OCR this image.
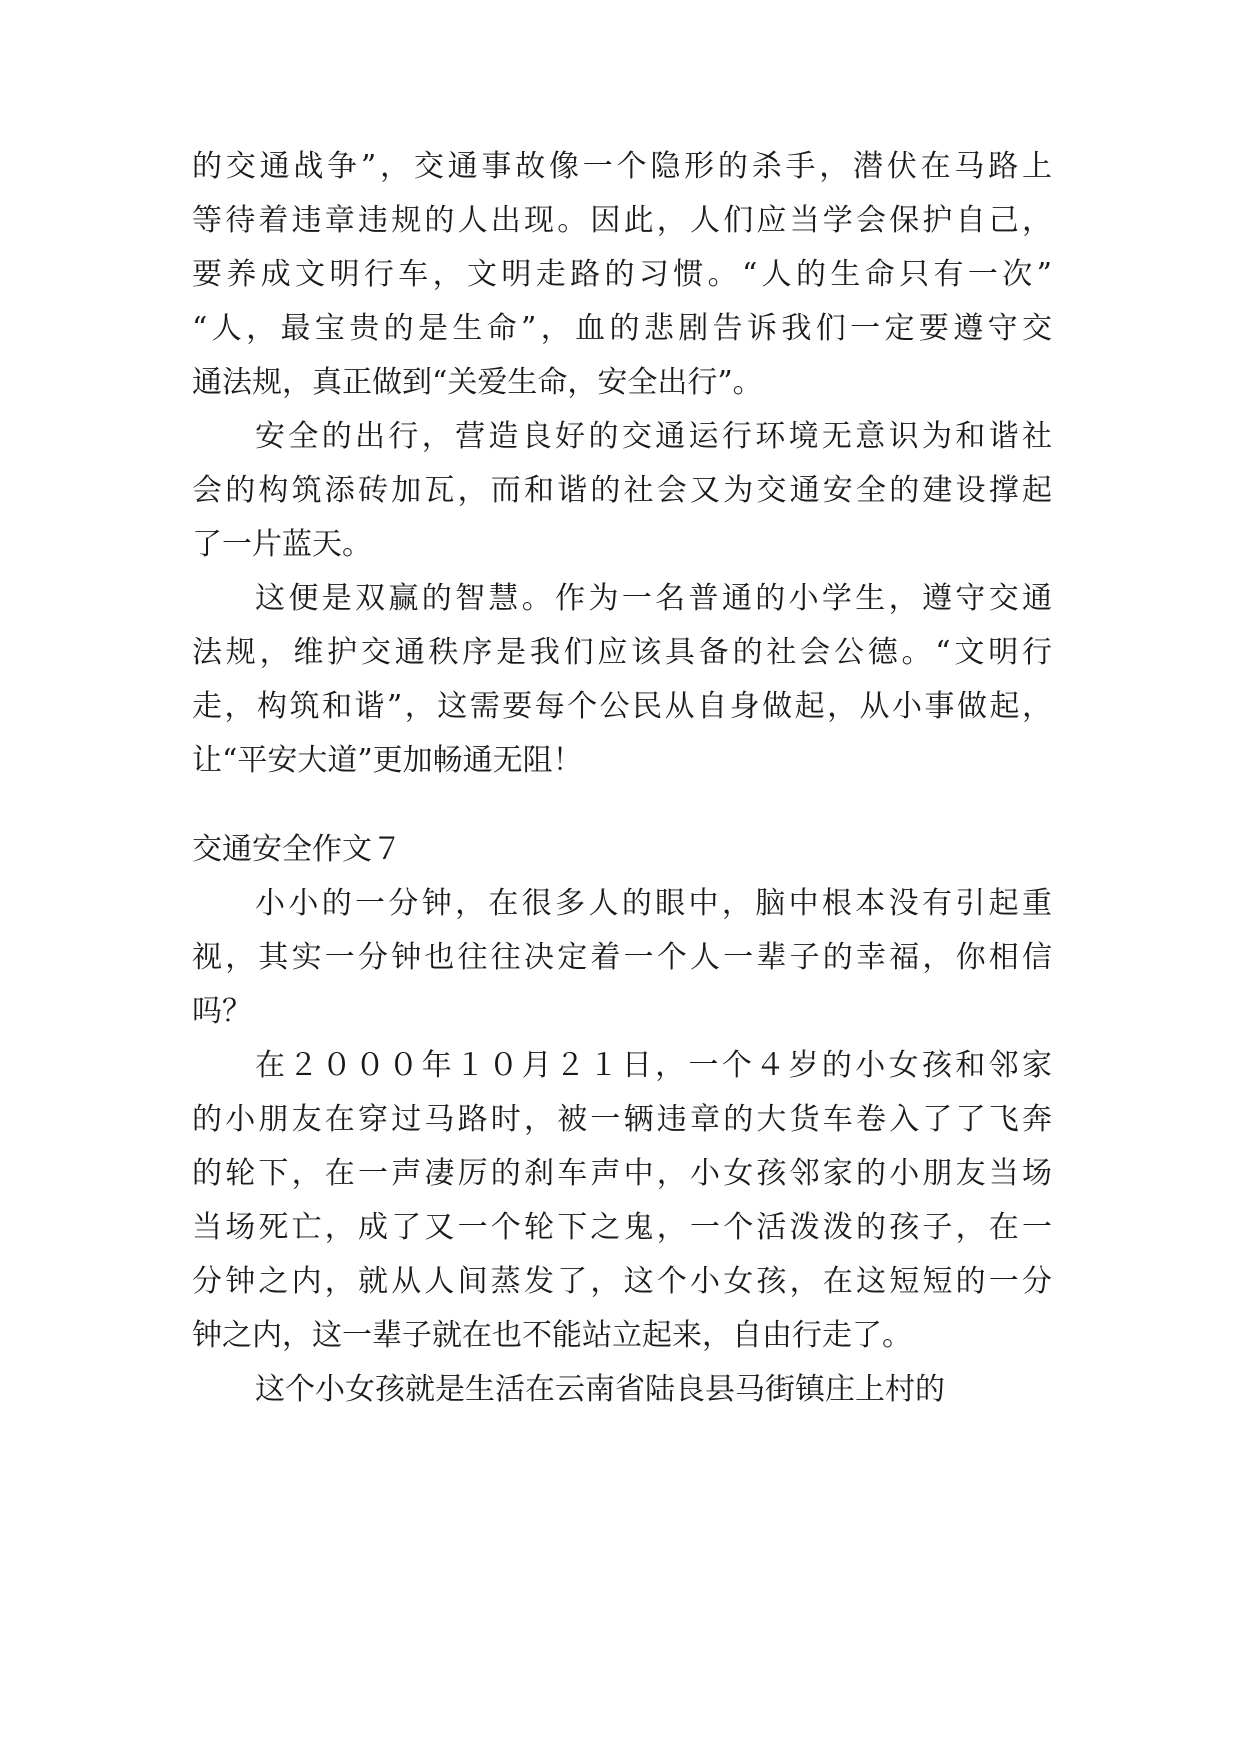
的交通战争”，交通事故像一个隐形的杀手，潜伏在马路上
等待着违章违规的人出现。因此，人们应当学会保护自己，
要养成文明行车，文明走路的习惯。“人的生命只有一次”
“人，最宝贵的是生命”，血的悲剧告诉我们一定要遵守交
通法规，真正做到“关爱生命，安全出行”。
安全的出行，营造良好的交通运行环境无意识为和谐社
会的构筑添砖加瓦，而和谐的社会又为交通安全的建设撑起
了一片蓝天。
这便是双赢的智慧。作为一名普通的小学生，遵守交通
法规，维护交通秩序是我们应该具备的社会公德。“文明行
走，构筑和谐”，这需要每个公民从自身做起，从小事做起，
让“平安大道”更加畅通无阻！
交通安全作文７
小小的一分钟，在很多人的眼中，脑中根本没有引起重
视，其实一分钟也往往决定着一个人一辈子的幸福，你相信
吗？
在２０００年１０月２１日，一个４岁的小女孩和邻家
的小朋友在穿过马路时，被一辆违章的大货车卷入了了飞奔
的轮下，在一声凄厉的刹车声中，小女孩邻家的小朋友当场
当场死亡，成了又一个轮下之鬼，一个活泼泼的孩子，在一
分钟之内，就从人间蒸发了，这个小女孩，在这短短的一分
钟之内，这一辈子就在也不能站立起来，自由行走了。
这个小女孩就是生活在云南省陆良县马街镇庄上村的
